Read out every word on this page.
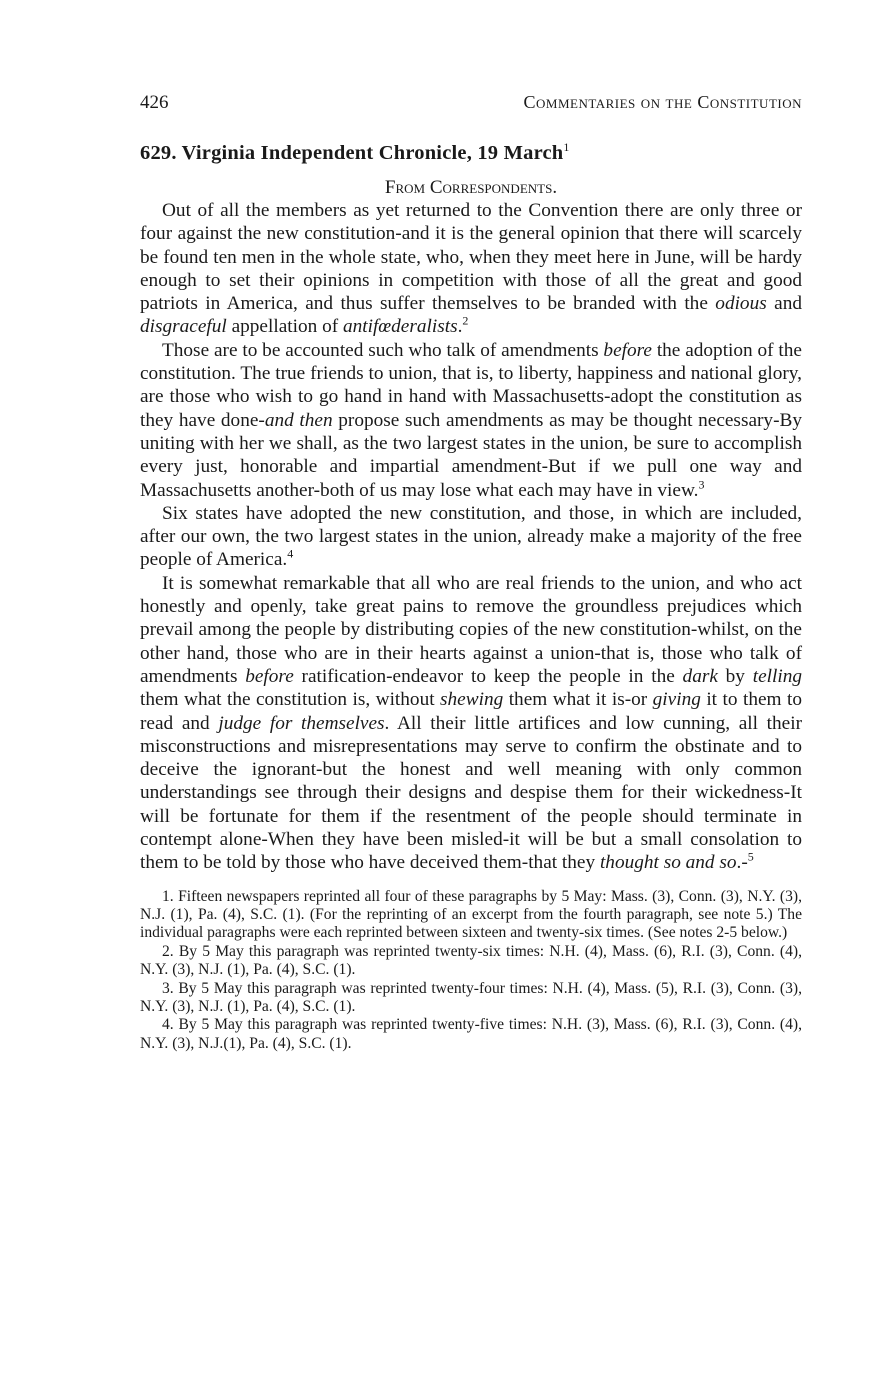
426	Commentaries on the Constitution
629. Virginia Independent Chronicle, 19 March$^1$
From Correspondents.

Out of all the members as yet returned to the Convention there are only three or four against the new constitution-and it is the general opinion that there will scarcely be found ten men in the whole state, who, when they meet here in June, will be hardy enough to set their opinions in competition with those of all the great and good patriots in America, and thus suffer themselves to be branded with the odious and disgraceful appellation of antifœderalists.$^2$

Those are to be accounted such who talk of amendments before the adoption of the constitution. The true friends to union, that is, to liberty, happiness and national glory, are those who wish to go hand in hand with Massachusetts-adopt the constitution as they have done-and then propose such amendments as may be thought necessary-By uniting with her we shall, as the two largest states in the union, be sure to accomplish every just, honorable and impartial amendment-But if we pull one way and Massachusetts another-both of us may lose what each may have in view.$^3$

Six states have adopted the new constitution, and those, in which are included, after our own, the two largest states in the union, already make a majority of the free people of America.$^4$

It is somewhat remarkable that all who are real friends to the union, and who act honestly and openly, take great pains to remove the groundless prejudices which prevail among the people by distributing copies of the new constitution-whilst, on the other hand, those who are in their hearts against a union-that is, those who talk of amendments before ratification-endeavor to keep the people in the dark by telling them what the constitution is, without shewing them what it is-or giving it to them to read and judge for themselves. All their little artifices and low cunning, all their misconstructions and misrepresentations may serve to confirm the obstinate and to deceive the ignorant-but the honest and well meaning with only common understandings see through their designs and despise them for their wickedness-It will be fortunate for them if the resentment of the people should terminate in contempt alone-When they have been misled-it will be but a small consolation to them to be told by those who have deceived them-that they thought so and so.-$^5$

1. Fifteen newspapers reprinted all four of these paragraphs by 5 May: Mass. (3), Conn. (3), N.Y. (3), N.J. (1), Pa. (4), S.C. (1). (For the reprinting of an excerpt from the fourth paragraph, see note 5.) The individual paragraphs were each reprinted between sixteen and twenty-six times. (See notes 2-5 below.)

2. By 5 May this paragraph was reprinted twenty-six times: N.H. (4), Mass. (6), R.I. (3), Conn. (4), N.Y. (3), N.J. (1), Pa. (4), S.C. (1).

3. By 5 May this paragraph was reprinted twenty-four times: N.H. (4), Mass. (5), R.I. (3), Conn. (3), N.Y. (3), N.J. (1), Pa. (4), S.C. (1).

4. By 5 May this paragraph was reprinted twenty-five times: N.H. (3), Mass. (6), R.I. (3), Conn. (4), N.Y. (3), N.J.(1), Pa. (4), S.C. (1).
